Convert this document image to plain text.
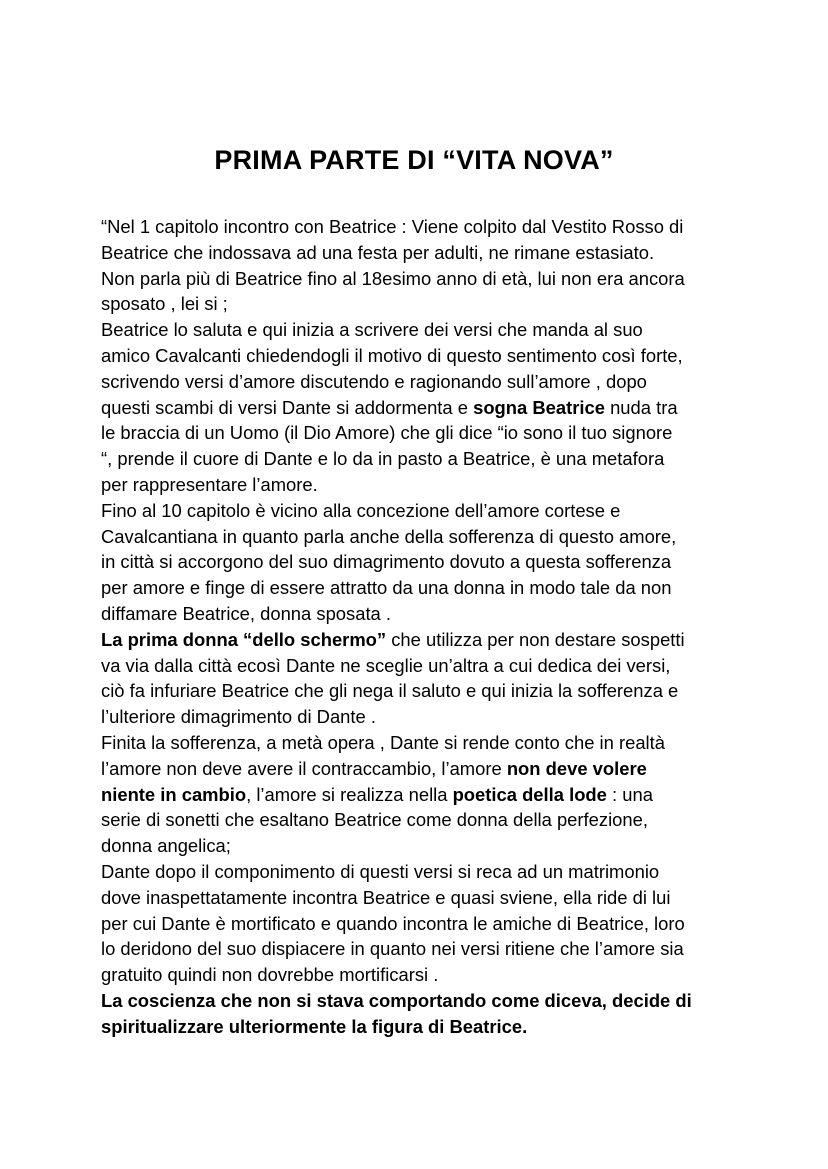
PRIMA PARTE DI “VITA NOVA”
“Nel 1 capitolo incontro con Beatrice : Viene colpito dal Vestito Rosso di
Beatrice che indossava ad una festa per adulti, ne rimane estasiato.
Non parla più di Beatrice fino al 18esimo anno di età, lui non era ancora
sposato , lei si ;
Beatrice lo saluta e qui inizia a scrivere dei versi che manda al suo
amico Cavalcanti chiedendogli il motivo di questo sentimento così forte,
scrivendo versi d’amore discutendo e ragionando sull’amore , dopo
questi scambi di versi Dante si addormenta e sogna Beatrice nuda tra
le braccia di un Uomo (il Dio Amore) che gli dice “io sono il tuo signore
“, prende il cuore di Dante e lo da in pasto a Beatrice, è una metafora
per rappresentare l’amore.
Fino al 10 capitolo è vicino alla concezione dell’amore cortese e
Cavalcantiana in quanto parla anche della sofferenza di questo amore,
in città si accorgono del suo dimagrimento dovuto a questa sofferenza
per amore e finge di essere attratto da una donna in modo tale da non
diffamare Beatrice, donna sposata .
La prima donna “dello schermo” che utilizza per non destare sospetti
va via dalla città ecosì Dante ne sceglie un’altra a cui dedica dei versi,
ciò fa infuriare Beatrice che gli nega il saluto e qui inizia la sofferenza e
l’ulteriore dimagrimento di Dante .
Finita la sofferenza, a metà opera , Dante si rende conto che in realtà
l’amore non deve avere il contraccambio, l’amore non deve volere
niente in cambio, l’amore si realizza nella poetica della lode : una
serie di sonetti che esaltano Beatrice come donna della perfezione,
donna angelica;
Dante dopo il componimento di questi versi si reca ad un matrimonio
dove inaspettatamente incontra Beatrice e quasi sviene, ella ride di lui
per cui Dante è mortificato e quando incontra le amiche di Beatrice, loro
lo deridono del suo dispiacere in quanto nei versi ritiene che l’amore sia
gratuito quindi non dovrebbe mortificarsi .
La coscienza che non si stava comportando come diceva, decide di
spiritualizzare ulteriormente la figura di Beatrice.
